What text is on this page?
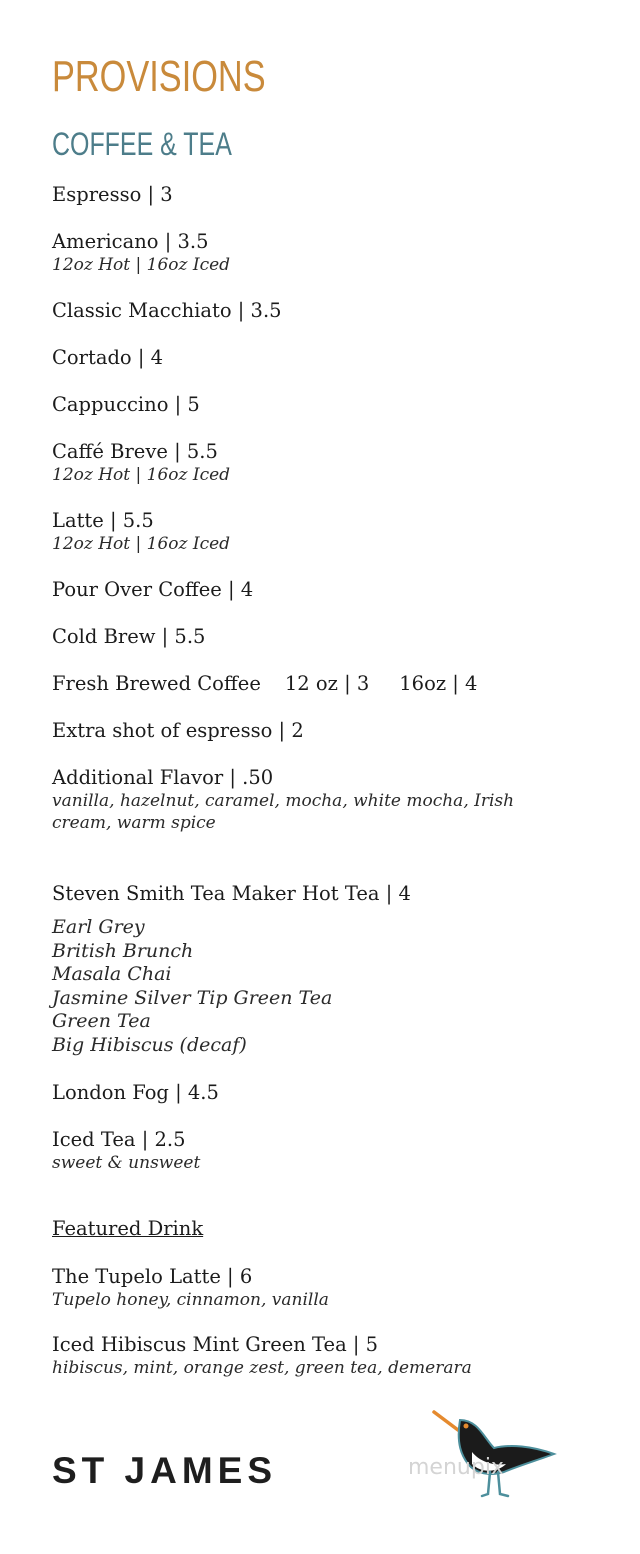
PROVISIONS
COFFEE & TEA
Espresso | 3
Americano | 3.5
12oz Hot | 16oz Iced
Classic Macchiato | 3.5
Cortado | 4
Cappuccino | 5
Caffé Breve | 5.5
12oz Hot | 16oz Iced
Latte | 5.5
12oz Hot | 16oz Iced
Pour Over Coffee | 4
Cold Brew | 5.5
Fresh Brewed Coffee 12 oz | 3 16oz | 4
Extra shot of espresso | 2
Additional Flavor | .50
vanilla, hazelnut, caramel, mocha, white mocha, Irish
cream, warm spice
Steven Smith Tea Maker Hot Tea | 4
Earl Grey
British Brunch
Masala Chai
Jasmine Silver Tip Green Tea
Green Tea
Big Hibiscus (decaf)
London Fog | 4.5
Iced Tea | 2.5
sweet & unsweet
Featured Drink
The Tupelo Latte | 6
Tupelo honey, cinnamon, vanilla
Iced Hibiscus Mint Green Tea | 5
hibiscus, mint, orange zest, green tea, demerara
ST JAMES	menupix
